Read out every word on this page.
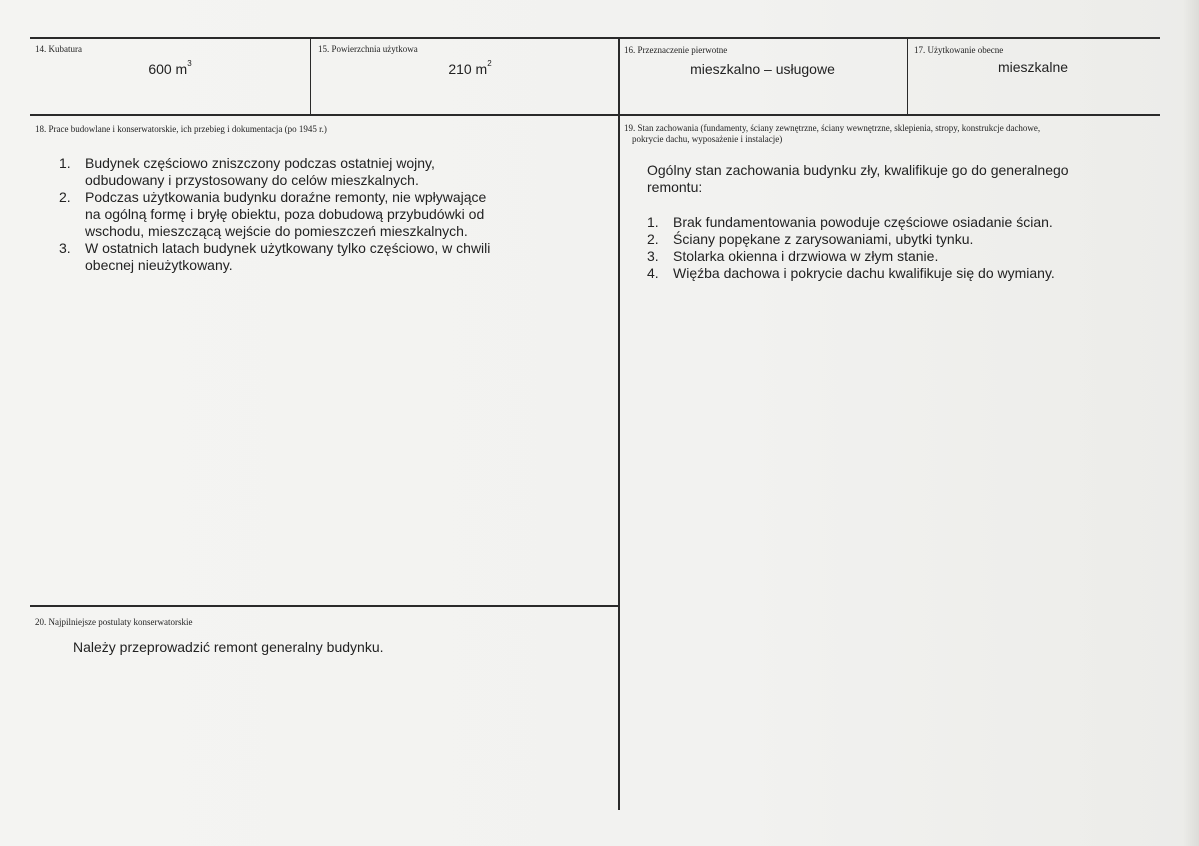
14. Kubatura
600 $m^3$
15. Powierzchnia użytkowa
210 $m^2$
16. Przeznaczenie pierwotne
mieszkalno – usługowe
17. Użytkowanie obecne
mieszkalne
18. Prace budowlane i konserwatorskie, ich przebieg i dokumentacja (po 1945 r.)
1. Budynek częściowo zniszczony podczas ostatniej wojny,
odbudowany i przystosowany do celów mieszkalnych.
2. Podczas użytkowania budynku doraźne remonty, nie wpływające
na ogólną formę i bryłę obiektu, poza dobudową przybudówki od
wschodu, mieszczącą wejście do pomieszczeń mieszkalnych.
3. W ostatnich latach budynek użytkowany tylko częściowo, w chwili
obecnej nieużytkowany.
19. Stan zachowania (fundamenty, ściany zewnętrzne, ściany wewnętrzne, sklepienia, stropy, konstrukcje dachowe,
pokrycie dachu, wyposażenie i instalacje)

Ogólny stan zachowania budynku zły, kwalifikuje go do generalnego
remontu:

1. Brak fundamentowania powoduje częściowe osiadanie ścian.
2. Ściany popękane z zarysowaniami, ubytki tynku.
3. Stolarka okienna i drzwiowa w złym stanie.
4. Więźba dachowa i pokrycie dachu kwalifikuje się do wymiany.
20. Najpilniejsze postulaty konserwatorskie

Należy przeprowadzić remont generalny budynku.
